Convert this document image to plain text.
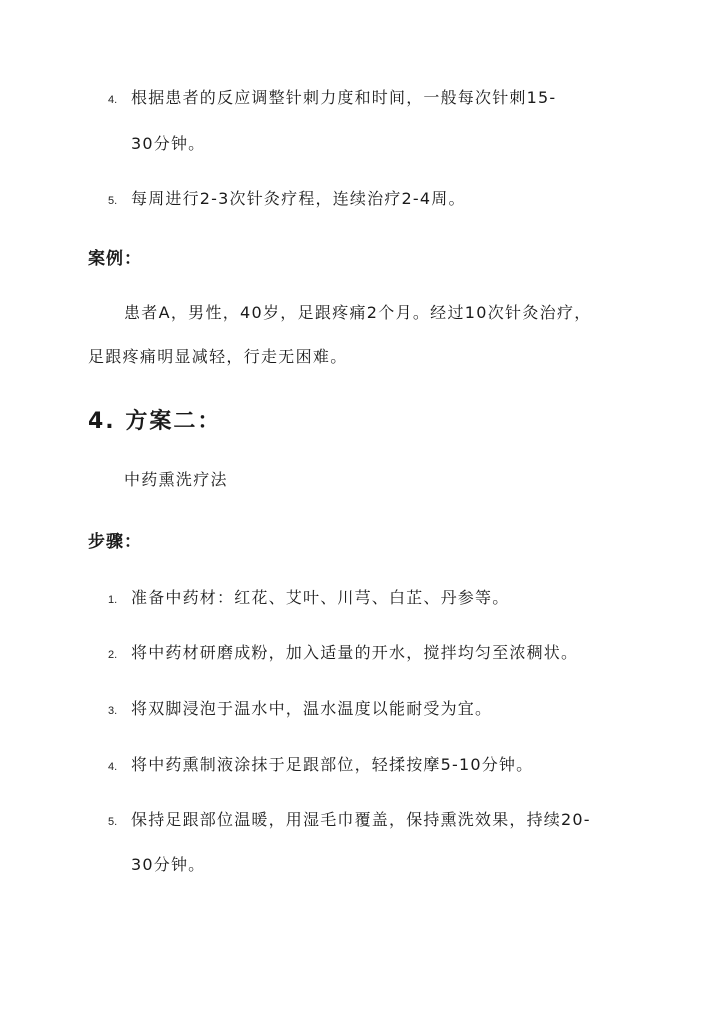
4. 根据患者的反应调整针刺力度和时间，一般每次针刺15-
30分钟。
5. 每周进行2-3次针灸疗程，连续治疗2-4周。
案例：
患者A，男性，40岁，足跟疼痛2个月。经过10次针灸治疗，
足跟疼痛明显减轻，行走无困难。
4. 方案二：
中药熏洗疗法
步骤：
1. 准备中药材：红花、艾叶、川芎、白芷、丹参等。
2. 将中药材研磨成粉，加入适量的开水，搅拌均匀至浓稠状。
3. 将双脚浸泡于温水中，温水温度以能耐受为宜。
4. 将中药熏制液涂抹于足跟部位，轻揉按摩5-10分钟。
5. 保持足跟部位温暖，用湿毛巾覆盖，保持熏洗效果，持续20-
30分钟。
